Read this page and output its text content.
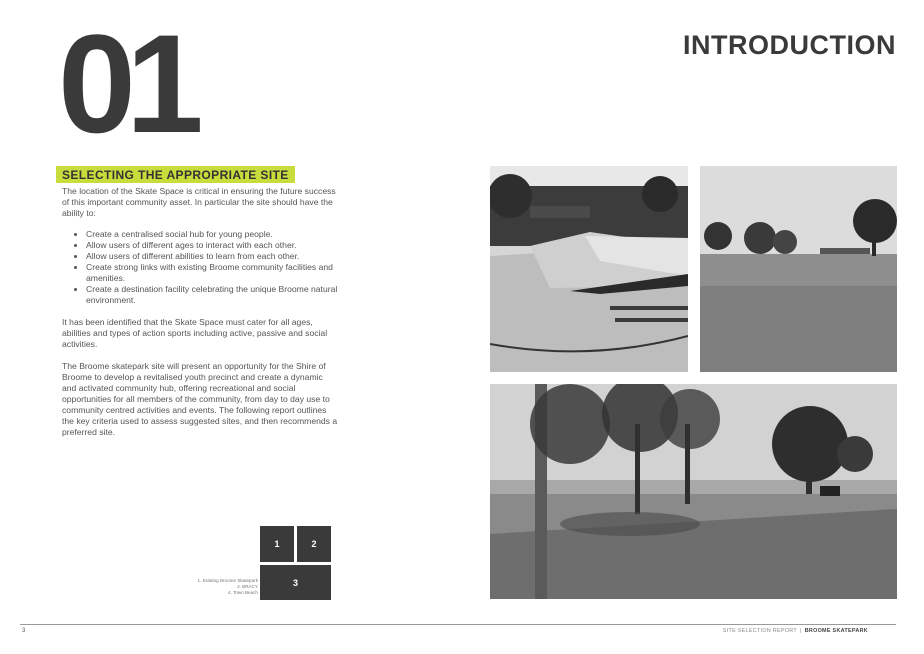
01	INTRODUCTION
SELECTING THE APPROPRIATE SITE

The location of the Skate Space is critical in ensuring the future success of this important community asset. In particular the site should have the ability to:

• Create a centralised social hub for young people.
• Allow users of different ages to interact with each other.
• Allow users of different abilities to learn from each other.
• Create strong links with existing Broome community facilities and amenities.
• Create a destination facility celebrating the unique Broome natural environment.

It has been identified that the Skate Space must cater for all ages, abilities and types of action sports including active, passive and social activities.

The Broome skatepark site will present an opportunity for the Shire of Broome to develop a revitalised youth precinct and create a dynamic and activated community hub, offering recreational and social opportunities for all members of the community, from day to day use to community centred activities and events. The following report outlines the key criteria used to assess suggested sites, and then recommends a preferred site.

1	2
3
1. Existing Broome Skatepark
2. BRACY
4. Town Beach
3	SITE SELECTION REPORT | BROOME SKATEPARK
